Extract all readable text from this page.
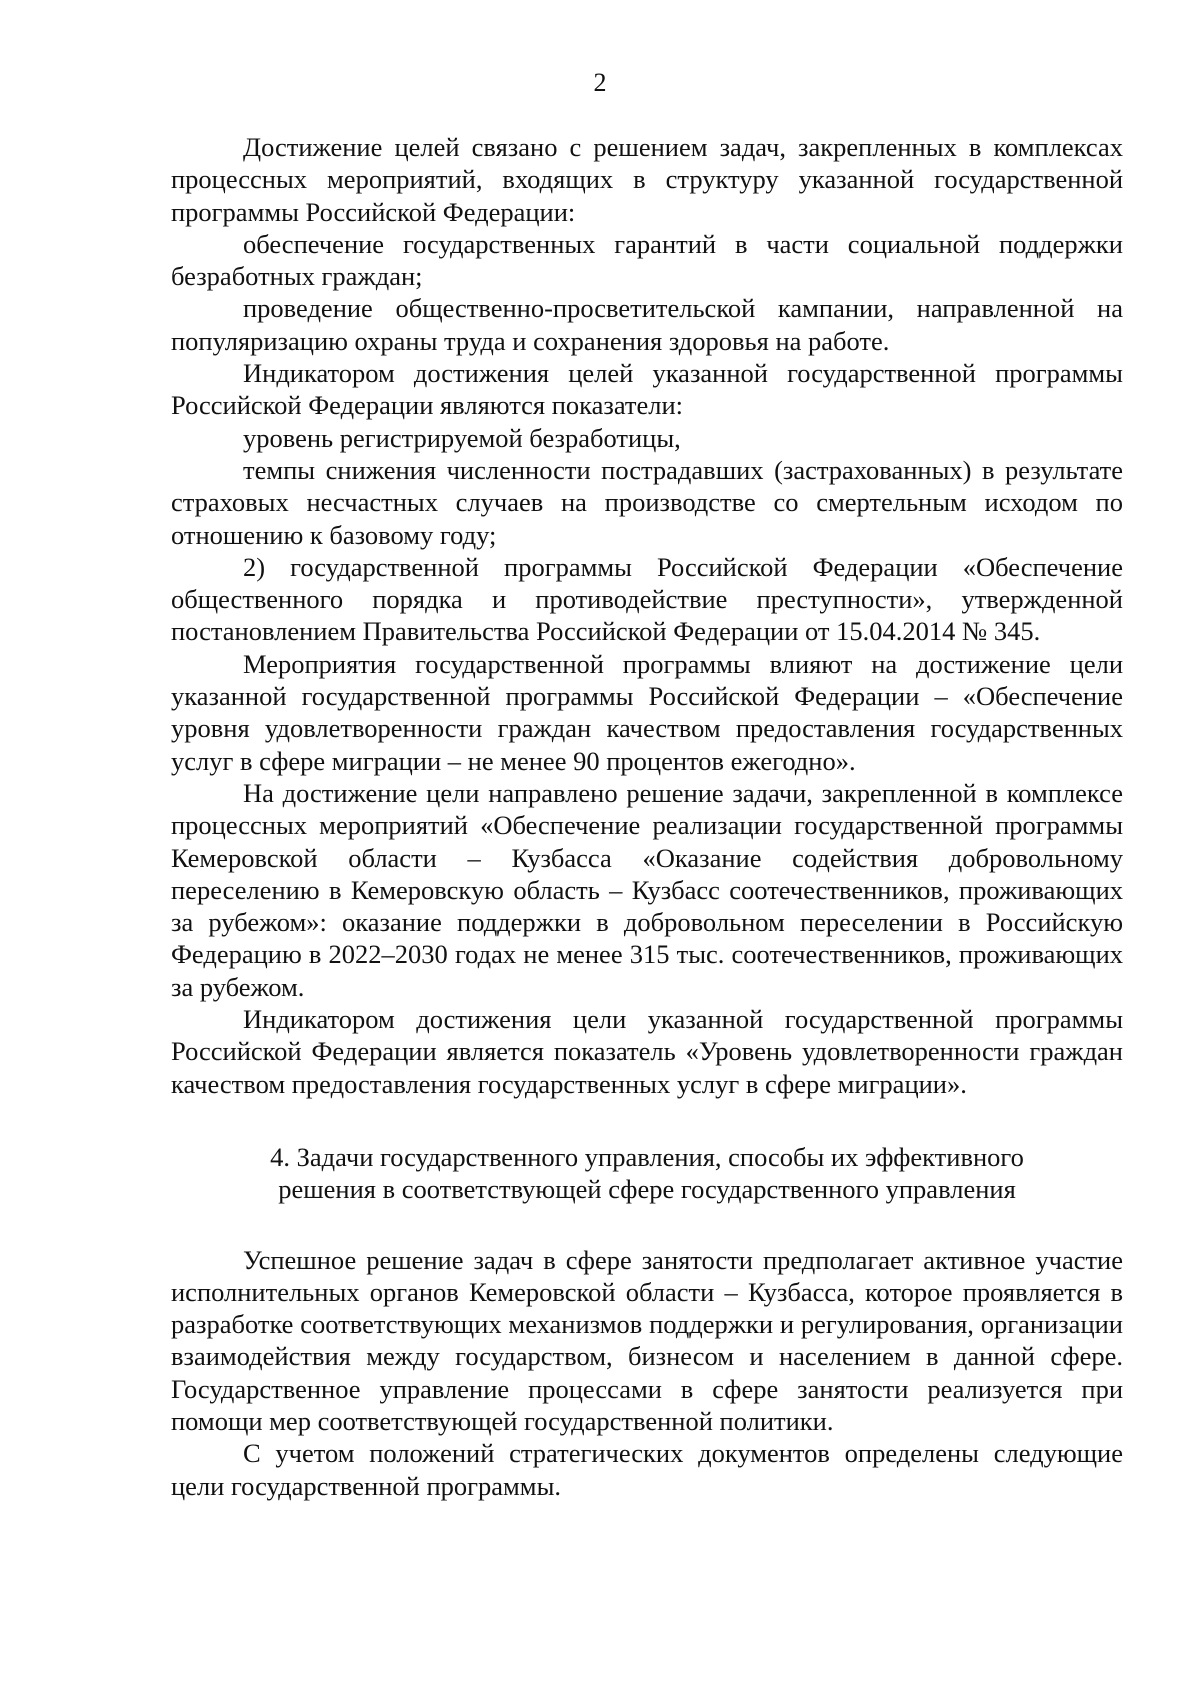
2

Достижение целей связано с решением задач, закрепленных в комплексах процессных мероприятий, входящих в структуру указанной государственной программы Российской Федерации:

обеспечение государственных гарантий в части социальной поддержки безработных граждан;

проведение общественно-просветительской кампании, направленной на популяризацию охраны труда и сохранения здоровья на работе.

Индикатором достижения целей указанной государственной программы Российской Федерации являются показатели:

уровень регистрируемой безработицы,

темпы снижения численности пострадавших (застрахованных) в результате страховых несчастных случаев на производстве со смертельным исходом по отношению к базовому году;

2) государственной программы Российской Федерации «Обеспечение общественного порядка и противодействие преступности», утвержденной постановлением Правительства Российской Федерации от 15.04.2014 № 345.

Мероприятия государственной программы влияют на достижение цели указанной государственной программы Российской Федерации – «Обеспечение уровня удовлетворенности граждан качеством предоставления государственных услуг в сфере миграции – не менее 90 процентов ежегодно».

На достижение цели направлено решение задачи, закрепленной в комплексе процессных мероприятий «Обеспечение реализации государственной программы Кемеровской области – Кузбасса «Оказание содействия добровольному переселению в Кемеровскую область – Кузбасс соотечественников, проживающих за рубежом»: оказание поддержки в добровольном переселении в Российскую Федерацию в 2022–2030 годах не менее 315 тыс. соотечественников, проживающих за рубежом.

Индикатором достижения цели указанной государственной программы Российской Федерации является показатель «Уровень удовлетворенности граждан качеством предоставления государственных услуг в сфере миграции».

4. Задачи государственного управления, способы их эффективного
решения в соответствующей сфере государственного управления

Успешное решение задач в сфере занятости предполагает активное участие исполнительных органов Кемеровской области – Кузбасса, которое проявляется в разработке соответствующих механизмов поддержки и регулирования, организации взаимодействия между государством, бизнесом и населением в данной сфере. Государственное управление процессами в сфере занятости реализуется при помощи мер соответствующей государственной политики.

С учетом положений стратегических документов определены следующие цели государственной программы.
